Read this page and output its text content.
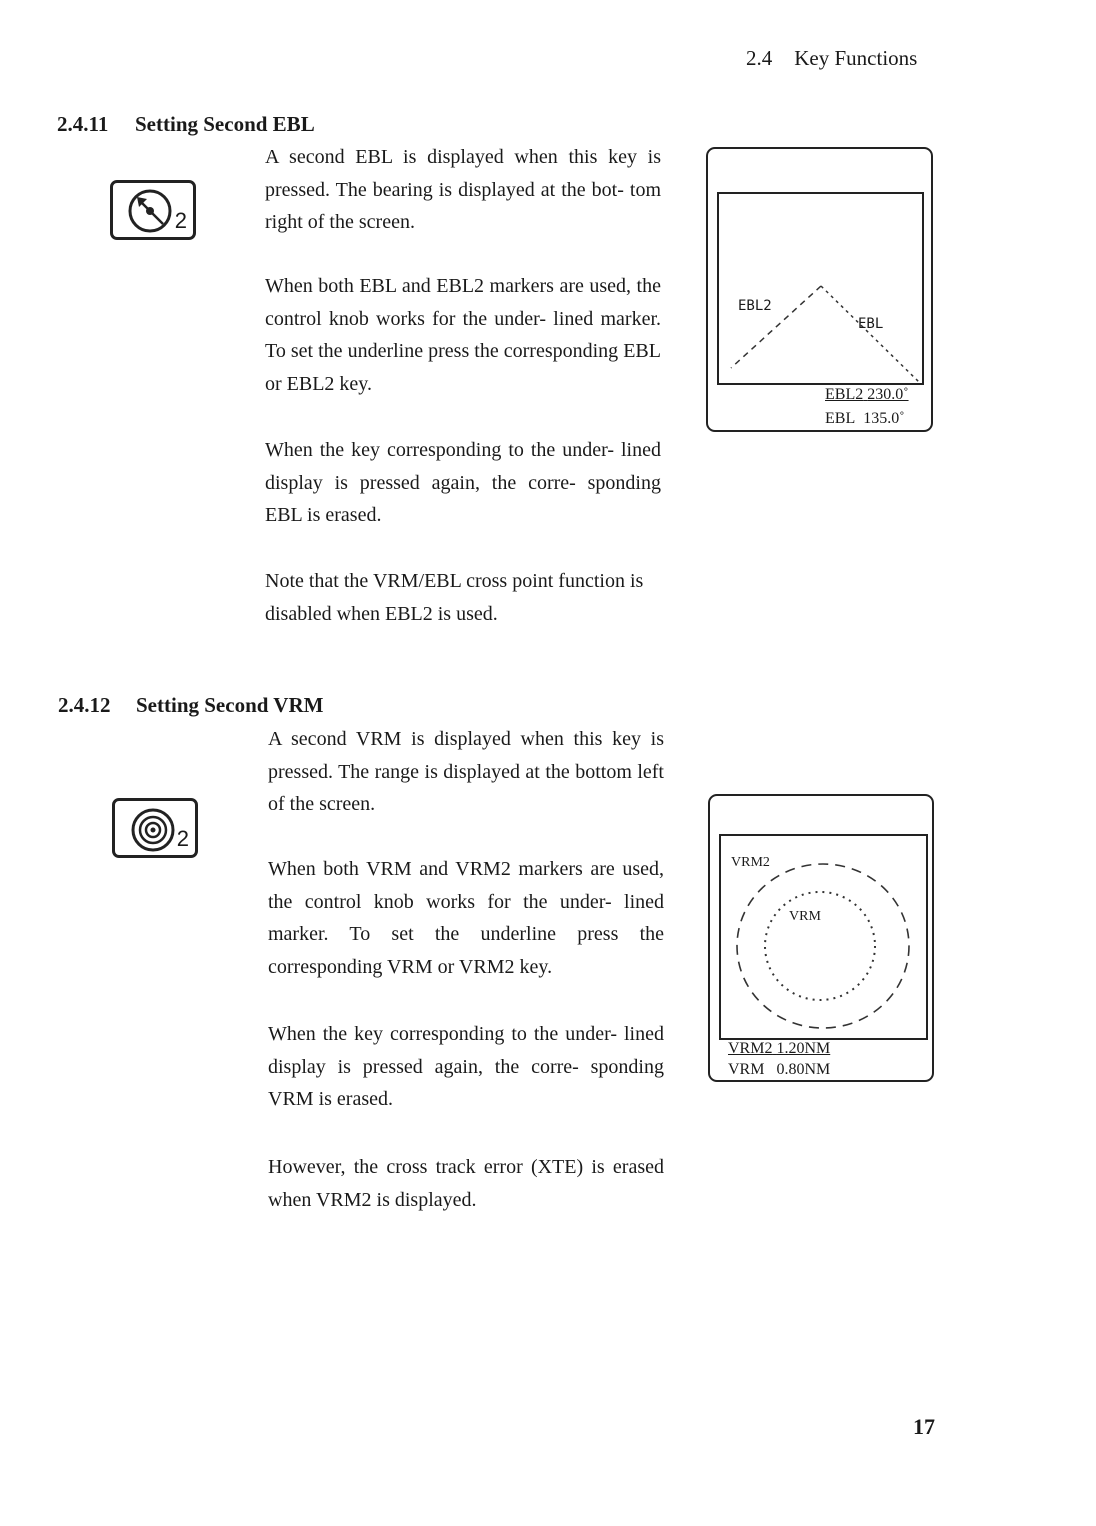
2.4 Key Functions
2.4.11 Setting Second EBL
2
A second EBL is displayed when this key is pressed. The bearing is displayed at the bot- tom right of the screen.
When both EBL and EBL2 markers are used, the control knob works for the under- lined marker. To set the underline press the corresponding EBL or EBL2 key.
When the key corresponding to the under- lined display is pressed again, the corre- sponding EBL is erased.
Note that the VRM/EBL cross point function is disabled when EBL2 is used.
EBL2
EBL
EBL2 230.0˚
EBL 135.0˚
2.4.12 Setting Second VRM
2
A second VRM is displayed when this key is pressed. The range is displayed at the bottom left of the screen.
When both VRM and VRM2 markers are used, the control knob works for the under- lined marker. To set the underline press the corresponding VRM or VRM2 key.
When the key corresponding to the under- lined display is pressed again, the corre- sponding VRM is erased.
However, the cross track error (XTE) is erased when VRM2 is displayed.
VRM2
VRM
VRM2 1.20NM
VRM 0.80NM
17
